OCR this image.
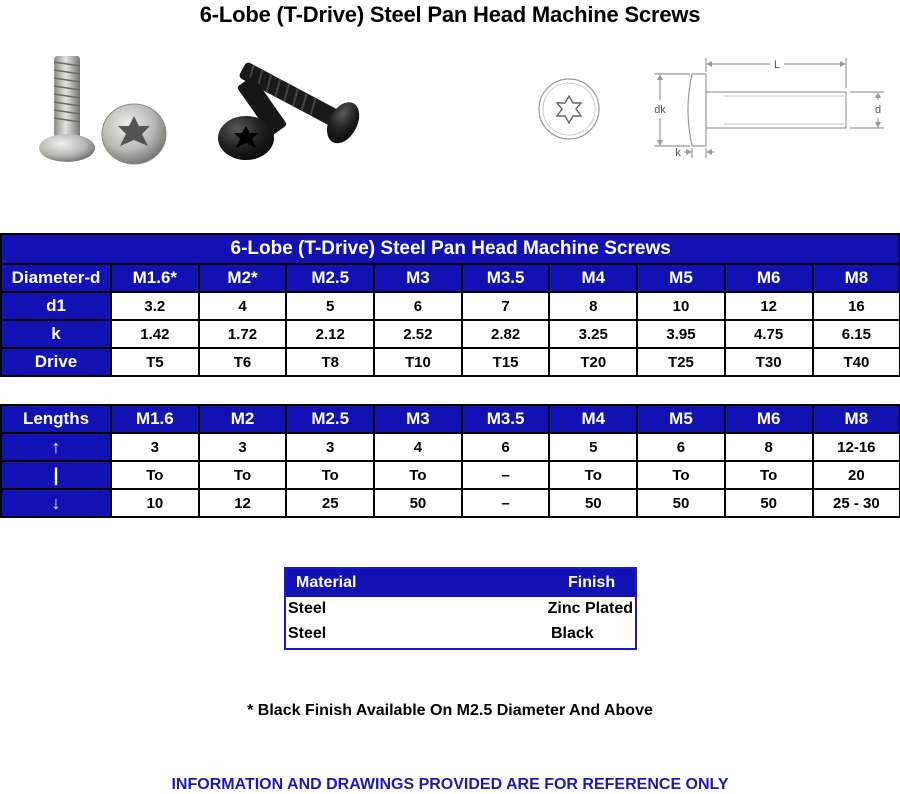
6-Lobe (T-Drive) Steel Pan Head Machine Screws
L
dk	d
k
6-Lobe (T-Drive) Steel Pan Head Machine Screws									
Diameter-d	M1.6*	M2*	M2.5	M3	M3.5	M4	M5	M6	M8
d1	3.2	4	5	6	7	8	10	12	16
k	1.42	1.72	2.12	2.52	2.82	3.25	3.95	4.75	6.15
Drive	T5	T6	T8	T10	T15	T20	T25	T30	T40
Lengths	M1.6	M2	M2.5	M3	M3.5	M4	M5	M6	M8
↑	3	3	3	4	6	5	6	8	12-16
|	To	To	To	To	–	To	To	To	20
↓	10	12	25	50	–	50	50	50	25 - 30
Material	Finish
Steel	Zinc Plated
Steel	Black
* Black Finish Available On M2.5 Diameter And Above
INFORMATION AND DRAWINGS PROVIDED ARE FOR REFERENCE ONLY
